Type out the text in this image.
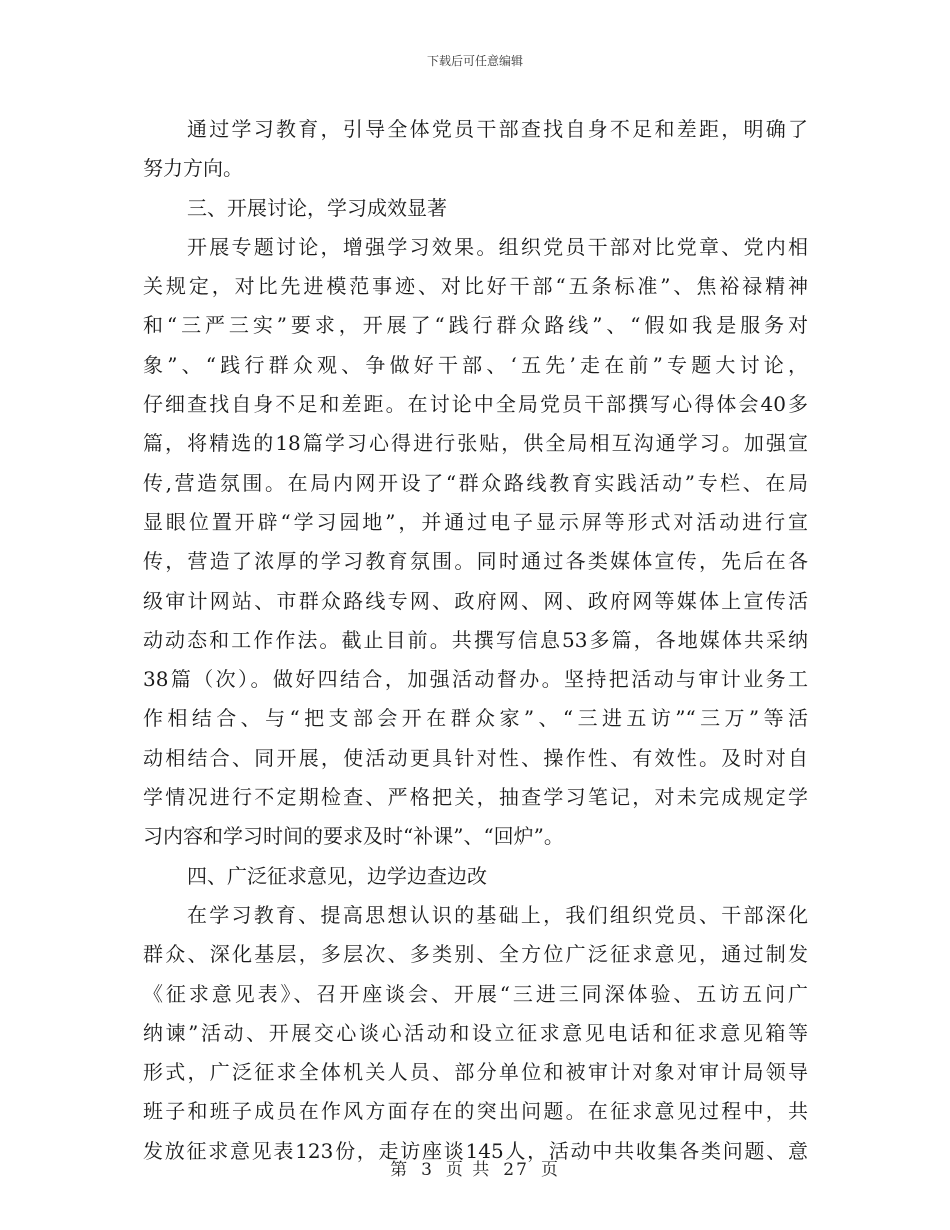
下载后可任意编辑
通过学习教育，引导全体党员干部查找自身不足和差距，明确了
努力方向。
三、开展讨论，学习成效显著
开展专题讨论，增强学习效果。组织党员干部对比党章、党内相
关规定，对比先进模范事迹、对比好干部“五条标准”、焦裕禄精神
和“三严三实”要求，开展了“践行群众路线”、“假如我是服务对
象”、“践行群众观、争做好干部、‘五先’走在前”专题大讨论，
仔细查找自身不足和差距。在讨论中全局党员干部撰写心得体会40多
篇，将精选的18篇学习心得进行张贴，供全局相互沟通学习。加强宣
传,营造氛围。在局内网开设了“群众路线教育实践活动”专栏、在局
显眼位置开辟“学习园地”，并通过电子显示屏等形式对活动进行宣
传，营造了浓厚的学习教育氛围。同时通过各类媒体宣传，先后在各
级审计网站、市群众路线专网、政府网、网、政府网等媒体上宣传活
动动态和工作作法。截止目前。共撰写信息53多篇，各地媒体共采纳
38篇（次）。做好四结合，加强活动督办。坚持把活动与审计业务工
作相结合、与“把支部会开在群众家”、“三进五访”“三万”等活
动相结合、同开展，使活动更具针对性、操作性、有效性。及时对自
学情况进行不定期检查、严格把关，抽查学习笔记，对未完成规定学
习内容和学习时间的要求及时“补课”、“回炉”。
四、广泛征求意见，边学边查边改
在学习教育、提高思想认识的基础上，我们组织党员、干部深化
群众、深化基层，多层次、多类别、全方位广泛征求意见，通过制发
《征求意见表》、召开座谈会、开展“三进三同深体验、五访五问广
纳谏”活动、开展交心谈心活动和设立征求意见电话和征求意见箱等
形式，广泛征求全体机关人员、部分单位和被审计对象对审计局领导
班子和班子成员在作风方面存在的突出问题。在征求意见过程中，共
发放征求意见表123份，走访座谈145人，活动中共收集各类问题、意
第 3 页 共 27 页
